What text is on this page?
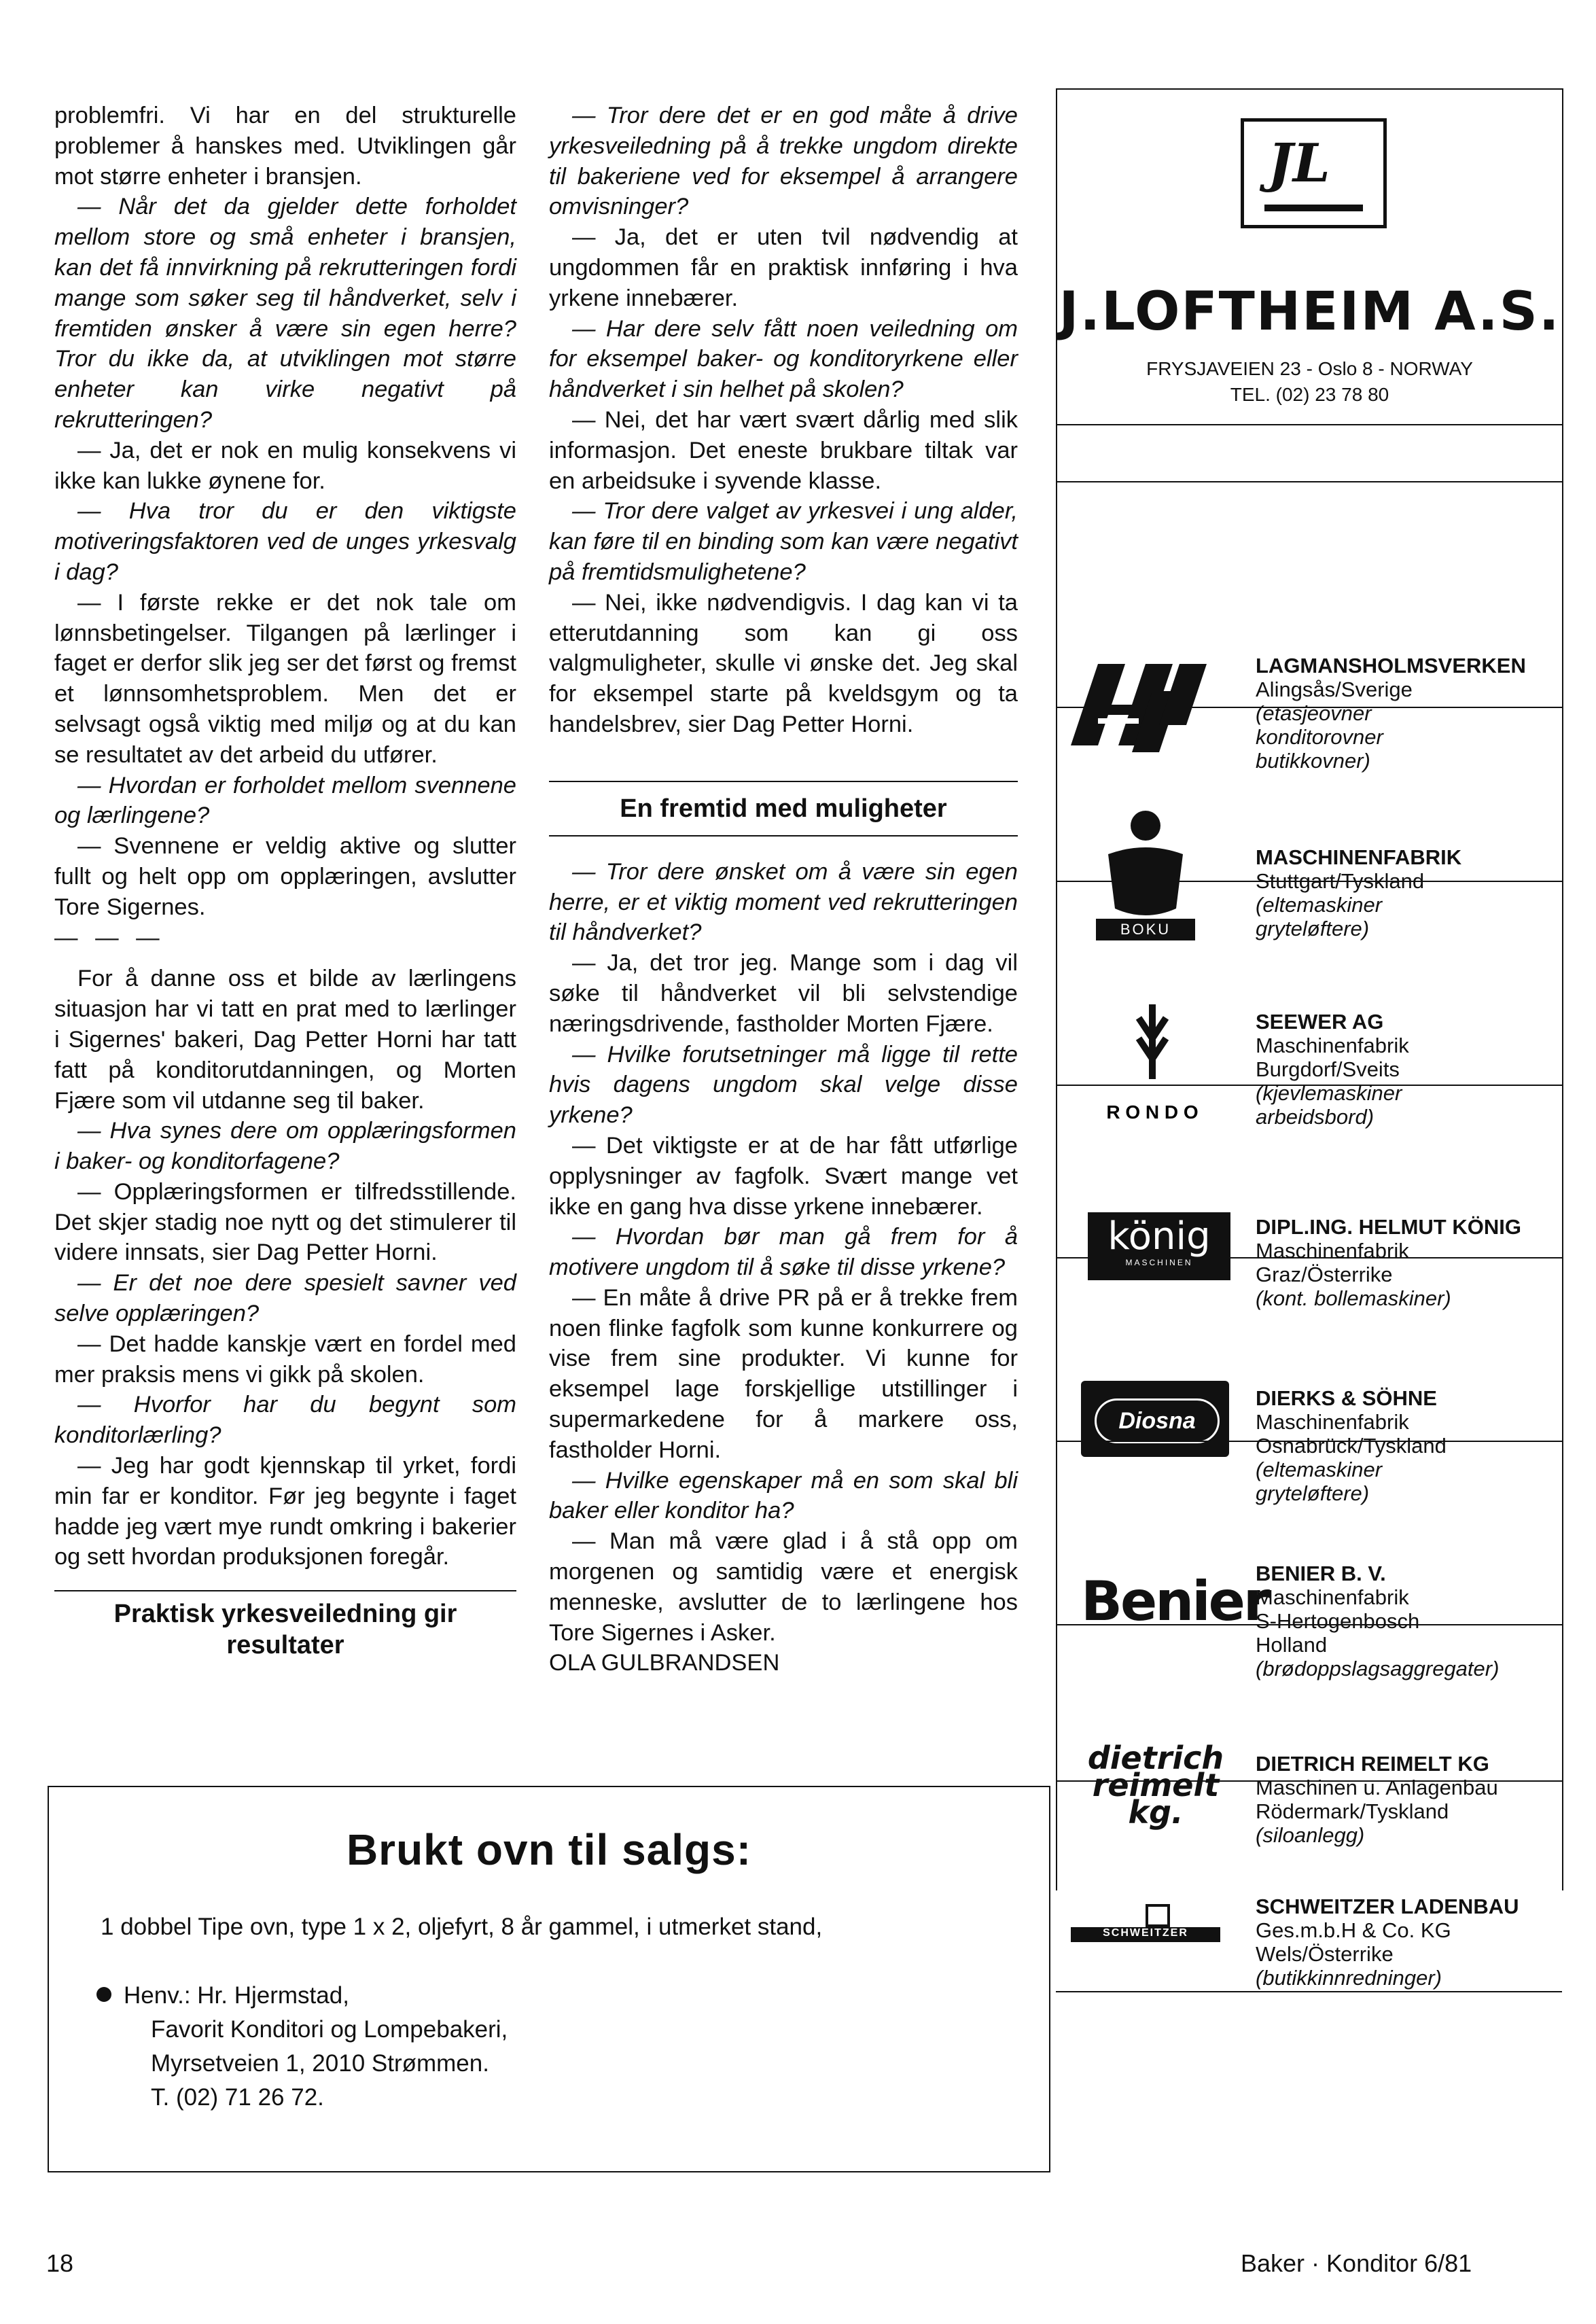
problemfri. Vi har en del strukturelle problemer å hanskes med. Utviklingen går mot større enheter i bransjen.

— Når det da gjelder dette forholdet mellom store og små enheter i bransjen, kan det få innvirkning på rekrutteringen fordi mange som søker seg til håndverket, selv i fremtiden ønsker å være sin egen herre? Tror du ikke da, at utviklingen mot større enheter kan virke negativt på rekrutteringen?

— Ja, det er nok en mulig konsekvens vi ikke kan lukke øynene for.

— Hva tror du er den viktigste motiveringsfaktoren ved de unges yrkesvalg i dag?

— I første rekke er det nok tale om lønnsbetingelser. Tilgangen på lærlinger i faget er derfor slik jeg ser det først og fremst et lønnsomhetsproblem. Men det er selvsagt også viktig med miljø og at du kan se resultatet av det arbeid du utfører.

— Hvordan er forholdet mellom svennene og lærlingene?

— Svennene er veldig aktive og slutter fullt og helt opp om opplæringen, avslutter Tore Sigernes.

— — —

For å danne oss et bilde av lærlingens situasjon har vi tatt en prat med to lærlinger i Sigernes' bakeri, Dag Petter Horni har tatt fatt på konditorutdanningen, og Morten Fjære som vil utdanne seg til baker.

— Hva synes dere om opplæringsformen i baker- og konditorfagene?

— Opplæringsformen er tilfredsstillende. Det skjer stadig noe nytt og det stimulerer til videre innsats, sier Dag Petter Horni.

— Er det noe dere spesielt savner ved selve opplæringen?

— Det hadde kanskje vært en fordel med mer praksis mens vi gikk på skolen.

— Hvorfor har du begynt som konditorlærling?

— Jeg har godt kjennskap til yrket, fordi min far er konditor. Før jeg begynte i faget hadde jeg vært mye rundt omkring i bakerier og sett hvordan produksjonen foregår.

Praktisk yrkesveiledning gir resultater

— Tror dere det er en god måte å drive yrkesveiledning på å trekke ungdom direkte til bakeriene ved for eksempel å arrangere omvisninger?

— Ja, det er uten tvil nødvendig at ungdommen får en praktisk innføring i hva yrkene innebærer.

— Har dere selv fått noen veiledning om for eksempel baker- og konditoryrkene eller håndverket i sin helhet på skolen?

— Nei, det har vært svært dårlig med slik informasjon. Det eneste brukbare tiltak var en arbeidsuke i syvende klasse.

— Tror dere valget av yrkesvei i ung alder, kan føre til en binding som kan være negativt på fremtidsmulighetene?

— Nei, ikke nødvendigvis. I dag kan vi ta etterutdanning som kan gi oss valgmuligheter, skulle vi ønske det. Jeg skal for eksempel starte på kveldsgym og ta handelsbrev, sier Dag Petter Horni.

En fremtid med muligheter

— Tror dere ønsket om å være sin egen herre, er et viktig moment ved rekrutteringen til håndverket?

— Ja, det tror jeg. Mange som i dag vil søke til håndverket vil bli selvstendige næringsdrivende, fastholder Morten Fjære.

— Hvilke forutsetninger må ligge til rette hvis dagens ungdom skal velge disse yrkene?

— Det viktigste er at de har fått utførlige opplysninger av fagfolk. Svært mange vet ikke en gang hva disse yrkene innebærer.

— Hvordan bør man gå frem for å motivere ungdom til å søke til disse yrkene?

— En måte å drive PR på er å trekke frem noen flinke fagfolk som kunne konkurrere og vise frem sine produkter. Vi kunne for eksempel lage forskjellige utstillinger i supermarkedene for å markere oss, fastholder Horni.

— Hvilke egenskaper må en som skal bli baker eller konditor ha?

— Man må være glad i å stå opp om morgenen og samtidig være et energisk menneske, avslutter de to lærlingene hos Tore Sigernes i Asker.

OLA GULBRANDSEN

Brukt ovn til salgs:
1 dobbel Tipe ovn, type 1 x 2, oljefyrt, 8 år gammel, i utmerket stand,
Henv.: Hr. Hjermstad,
Favorit Konditori og Lompebakeri,
Myrsetveien 1, 2010 Strømmen.
T. (02) 71 26 72.
JL
J.LOFTHEIM A.S.
FRYSJAVEIEN 23 - Oslo 8 - NORWAY
TEL. (02) 23 78 80
LAGMANSHOLMSVERKEN
Alingsås/Sverige
(etasjeovner
konditorovner
butikkovner)
BOKU
MASCHINENFABRIK
Stuttgart/Tyskland
(eltemaskiner
gryteløftere)
R O N D O
SEEWER AG
Maschinenfabrik
Burgdorf/Sveits
(kjevlemaskiner
arbeidsbord)
könig
MASCHINEN
DIPL.ING. HELMUT KÖNIG
Maschinenfabrik
Graz/Österrike
(kont. bollemaskiner)
Diosna
DIERKS & SÖHNE
Maschinenfabrik
Osnabrück/Tyskland
(eltemaskiner
gryteløftere)
Benier
BENIER B. V.
Maschinenfabrik
S-Hertogenbosch
Holland
(brødoppslagsaggregater)
dietrich reimelt kg.
DIETRICH REIMELT KG
Maschinen u. Anlagenbau
Rödermark/Tyskland
(siloanlegg)
SCHWEITZER
SCHWEITZER LADENBAU
Ges.m.b.H & Co. KG
Wels/Österrike
(butikkinnredninger)
18	Baker · Konditor 6/81
